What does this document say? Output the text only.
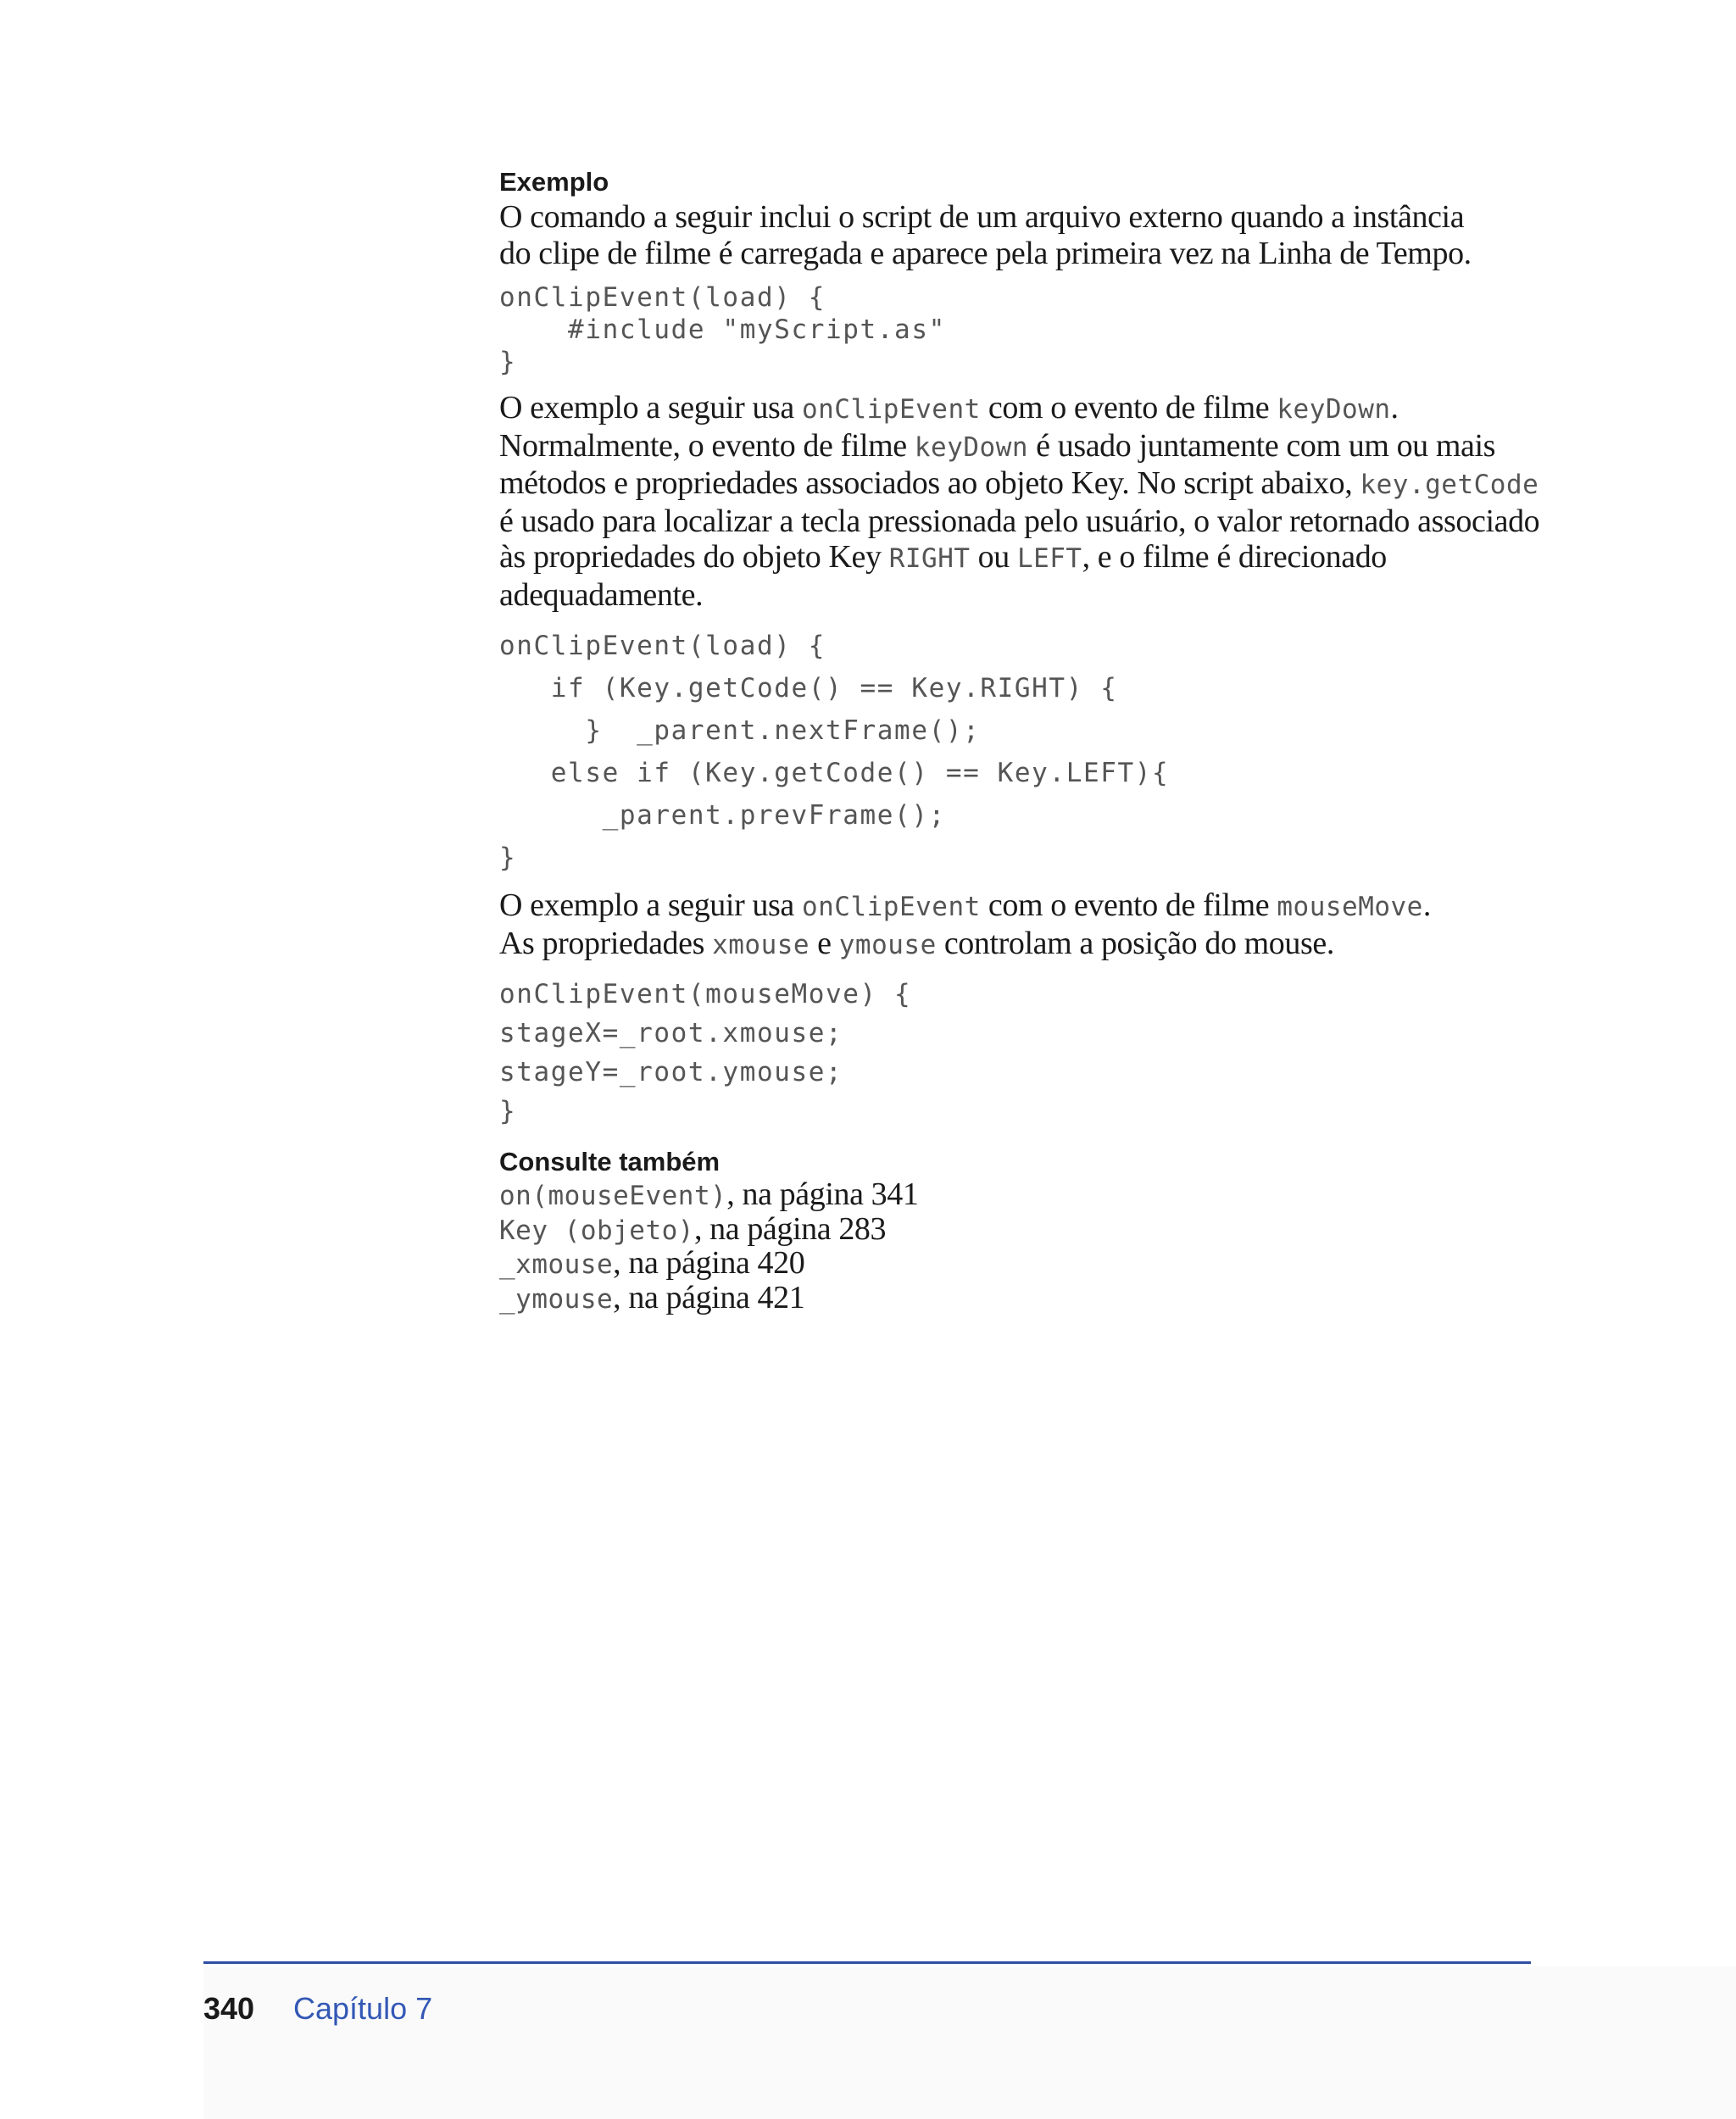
Exemplo

O comando a seguir inclui o script de um arquivo externo quando a instância
do clipe de filme é carregada e aparece pela primeira vez na Linha de Tempo.

onClipEvent(load) {
#include "myScript.as"
}

O exemplo a seguir usa onClipEvent com o evento de filme keyDown.
Normalmente, o evento de filme keyDown é usado juntamente com um ou mais
métodos e propriedades associados ao objeto Key. No script abaixo, key.getCode
é usado para localizar a tecla pressionada pelo usuário, o valor retornado associado
às propriedades do objeto Key RIGHT ou LEFT, e o filme é direcionado
adequadamente.

onClipEvent(load) {
if (Key.getCode() == Key.RIGHT) {
}  _parent.nextFrame();
else if (Key.getCode() == Key.LEFT){
_parent.prevFrame();
}

O exemplo a seguir usa onClipEvent com o evento de filme mouseMove.
As propriedades xmouse e ymouse controlam a posição do mouse.

onClipEvent(mouseMove) {
stageX=_root.xmouse;
stageY=_root.ymouse;
}

Consulte também

on(mouseEvent), na página 341
Key (objeto), na página 283
_xmouse, na página 420
_ymouse, na página 421
340 Capítulo 7
